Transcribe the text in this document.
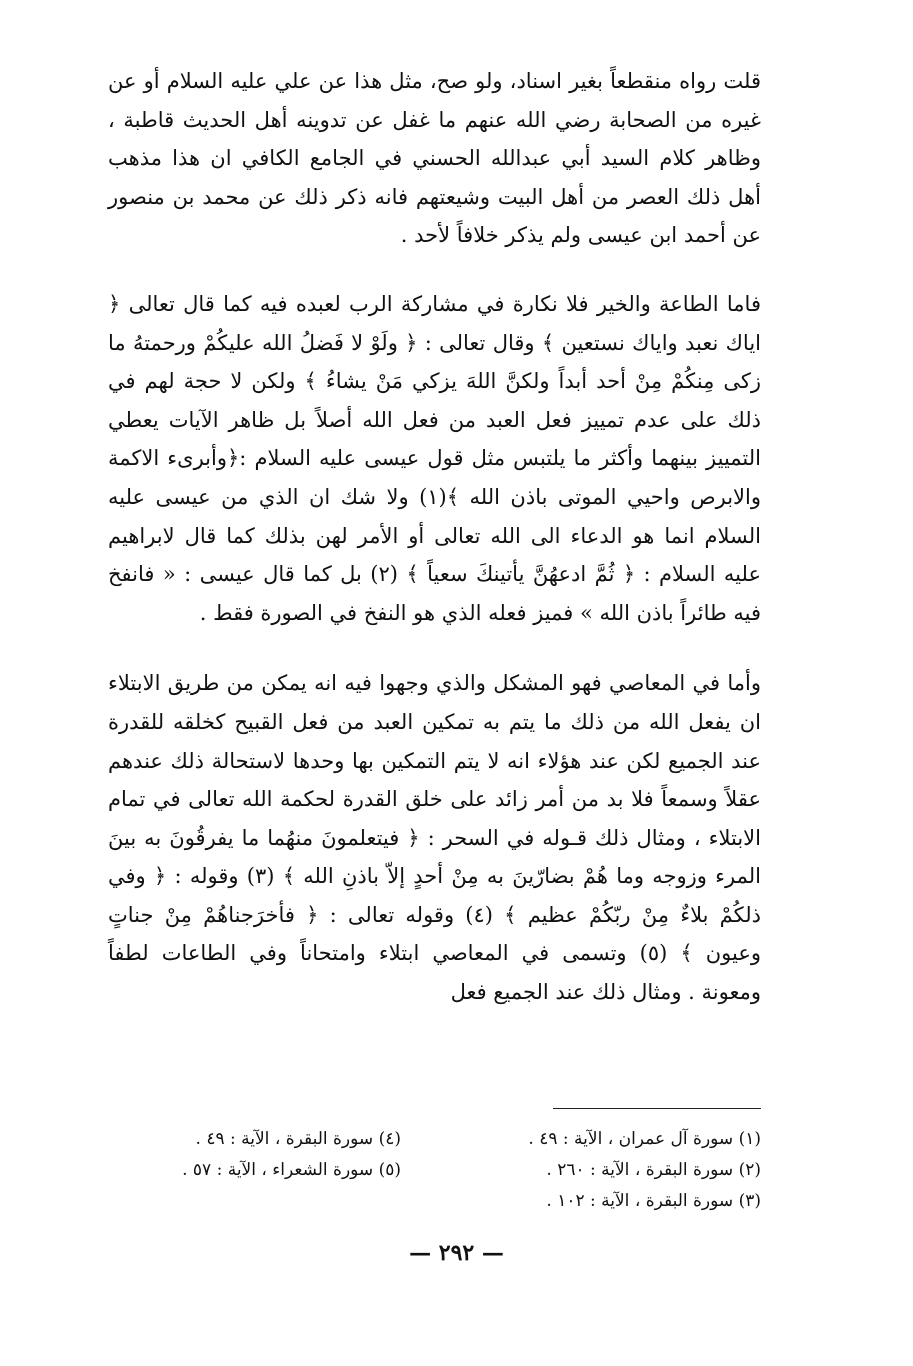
قلت رواه منقطعاً بغير اسناد، ولو صح، مثل هذا عن علي عليه السلام أو عن غيره من الصحابة رضي الله عنهم ما غفل عن تدوينه أهل الحديث قاطبة ، وظاهر كلام السيد أبي عبدالله الحسني في الجامع الكافي ان هذا مذهب أهل ذلك العصر من أهل البيت وشيعتهم فانه ذكر ذلك عن محمد بن منصور عن أحمد ابن عيسى ولم يذكر خلافاً لأحد .

فاما الطاعة والخير فلا نكارة في مشاركة الرب لعبده فيه كما قال تعالى ﴿ اياك نعبد واياك نستعين ﴾ وقال تعالى : ﴿ ولَوْ لا فَضلُ الله عليكُمْ ورحمتهُ ما زكى مِنكُمْ مِنْ أحد أبداً ولكنَّ اللهَ يزكي مَنْ يشاءُ ﴾ ولكن لا حجة لهم في ذلك على عدم تمييز فعل العبد من فعل الله أصلاً بل ظاهر الآيات يعطي التمييز بينهما وأكثر ما يلتبس مثل قول عيسى عليه السلام :﴿وأبرىء الاكمة والابرص واحيي الموتى باذن الله ﴾(١) ولا شك ان الذي من عيسى عليه السلام انما هو الدعاء الى الله تعالى أو الأمر لهن بذلك كما قال لابراهيم عليه السلام : ﴿ ثُمَّ ادعهُنَّ يأتينكَ سعياً ﴾ (٢) بل كما قال عيسى : « فانفخ فيه طائراً باذن الله » فميز فعله الذي هو النفخ في الصورة فقط .

وأما في المعاصي فهو المشكل والذي وجهوا فيه انه يمكن من طريق الابتلاء ان يفعل الله من ذلك ما يتم به تمكين العبد من فعل القبيح كخلقه للقدرة عند الجميع لكن عند هؤلاء انه لا يتم التمكين بها وحدها لاستحالة ذلك عندهم عقلاً وسمعاً فلا بد من أمر زائد على خلق القدرة لحكمة الله تعالى في تمام الابتلاء ، ومثال ذلك قـوله في السحر : ﴿ فيتعلمونَ منهُما ما يفرقُونَ به بينَ المرء وزوجه وما هُمْ بضارّينَ به مِنْ أحدٍ إلاّ باذنِ الله ﴾ (٣) وقوله : ﴿ وفي ذلكُمْ بلاءٌ مِنْ ربّكُمْ عظيم ﴾ (٤) وقوله تعالى : ﴿ فأخرَجناهُمْ مِنْ جناتٍ وعيون ﴾ (٥) وتسمى في المعاصي ابتلاء وامتحاناً وفي الطاعات لطفاً ومعونة . ومثال ذلك عند الجميع فعل

(١) سورة آل عمران ، الآية : ٤٩ .
(٢) سورة البقرة ، الآية : ٢٦٠ .
(٣) سورة البقرة ، الآية : ١٠٢ .
(٤) سورة البقرة ، الآية : ٤٩ .
(٥) سورة الشعراء ، الآية : ٥٧ .
— ٢٩٢ —
